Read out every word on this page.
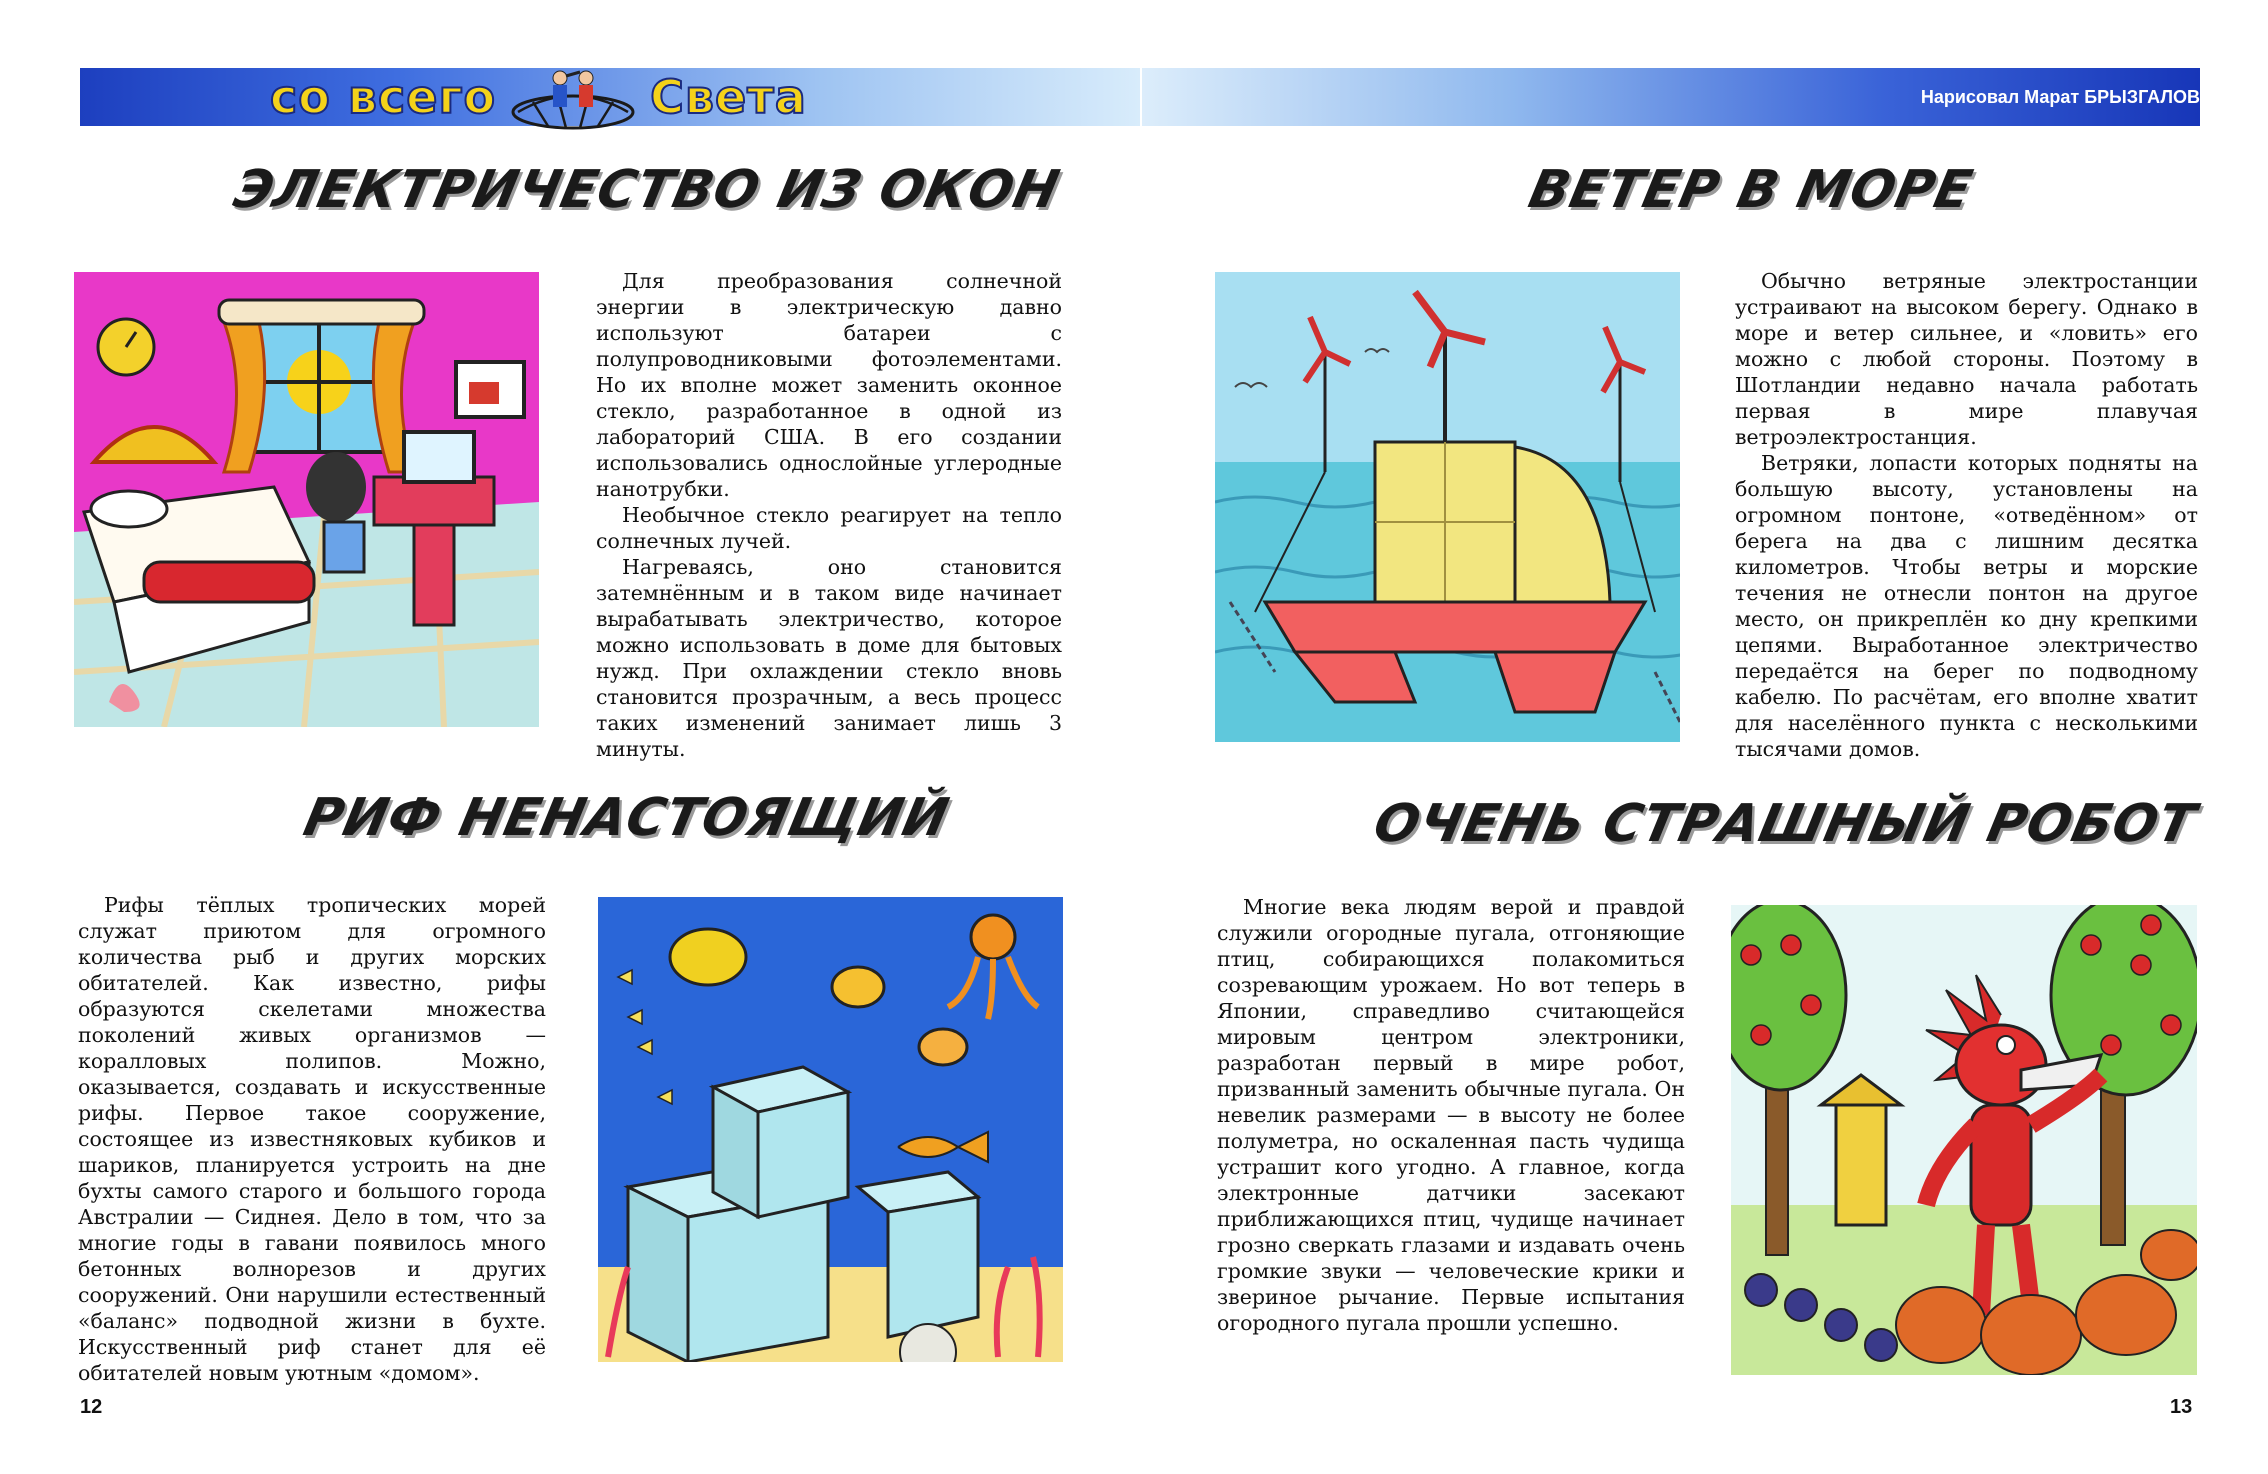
со всего	Света	Нарисовал Марат БРЫЗГАЛОВ
ЭЛЕКТРИЧЕСТВО ИЗ ОКОН

Для преобразования солнечной энергии в электрическую давно используют батареи с полупроводниковыми фотоэлементами. Но их вполне может заменить оконное стекло, разработанное в одной из лабораторий США. В его создании использовались однослойные углеродные нанотрубки.

Необычное стекло реагирует на тепло солнечных лучей.

Нагреваясь, оно становится затемнённым и в таком виде начинает вырабатывать электричество, которое можно использовать в доме для бытовых нужд. При охлаждении стекло вновь становится прозрачным, а весь процесс таких изменений занимает лишь 3 минуты.

ВЕТЕР В МОРЕ

Обычно ветряные электростанции устраивают на высоком берегу. Однако в море и ветер сильнее, и «ловить» его можно с любой стороны. Поэтому в Шотландии недавно начала работать первая в мире плавучая ветроэлектростанция.

Ветряки, лопасти которых подняты на большую высоту, установлены на огромном понтоне, «отведённом» от берега на два с лишним десятка километров. Чтобы ветры и морские течения не отнесли понтон на другое место, он прикреплён ко дну крепкими цепями. Выработанное электричество передаётся на берег по подводному кабелю. По расчётам, его вполне хватит для населённого пункта с несколькими тысячами домов.

РИФ НЕНАСТОЯЩИЙ

Рифы тёплых тропических морей служат приютом для огромного количества рыб и других морских обитателей. Как известно, рифы образуются скелетами множества поколений живых организмов — коралловых полипов. Можно, оказывается, создавать и искусственные рифы. Первое такое сооружение, состоящее из известняковых кубиков и шариков, планируется устроить на дне бухты самого старого и большого города Австралии — Сиднея. Дело в том, что за многие годы в гавани появилось много бетонных волнорезов и других сооружений. Они нарушили естественный «баланс» подводной жизни в бухте. Искусственный риф станет для её обитателей новым уютным «домом».

ОЧЕНЬ СТРАШНЫЙ РОБОТ

Многие века людям верой и правдой служили огородные пугала, отгоняющие птиц, собирающихся полакомиться созревающим урожаем. Но вот теперь в Японии, справедливо считающейся мировым центром электроники, разработан первый в мире робот, призванный заменить обычные пугала. Он невелик размерами — в высоту не более полуметра, но оскаленная пасть чудища устрашит кого угодно. А главное, когда электронные датчики засекают приближающихся птиц, чудище начинает грозно сверкать глазами и издавать очень громкие звуки — человеческие крики и звериное рычание. Первые испытания огородного пугала прошли успешно.

12	13
